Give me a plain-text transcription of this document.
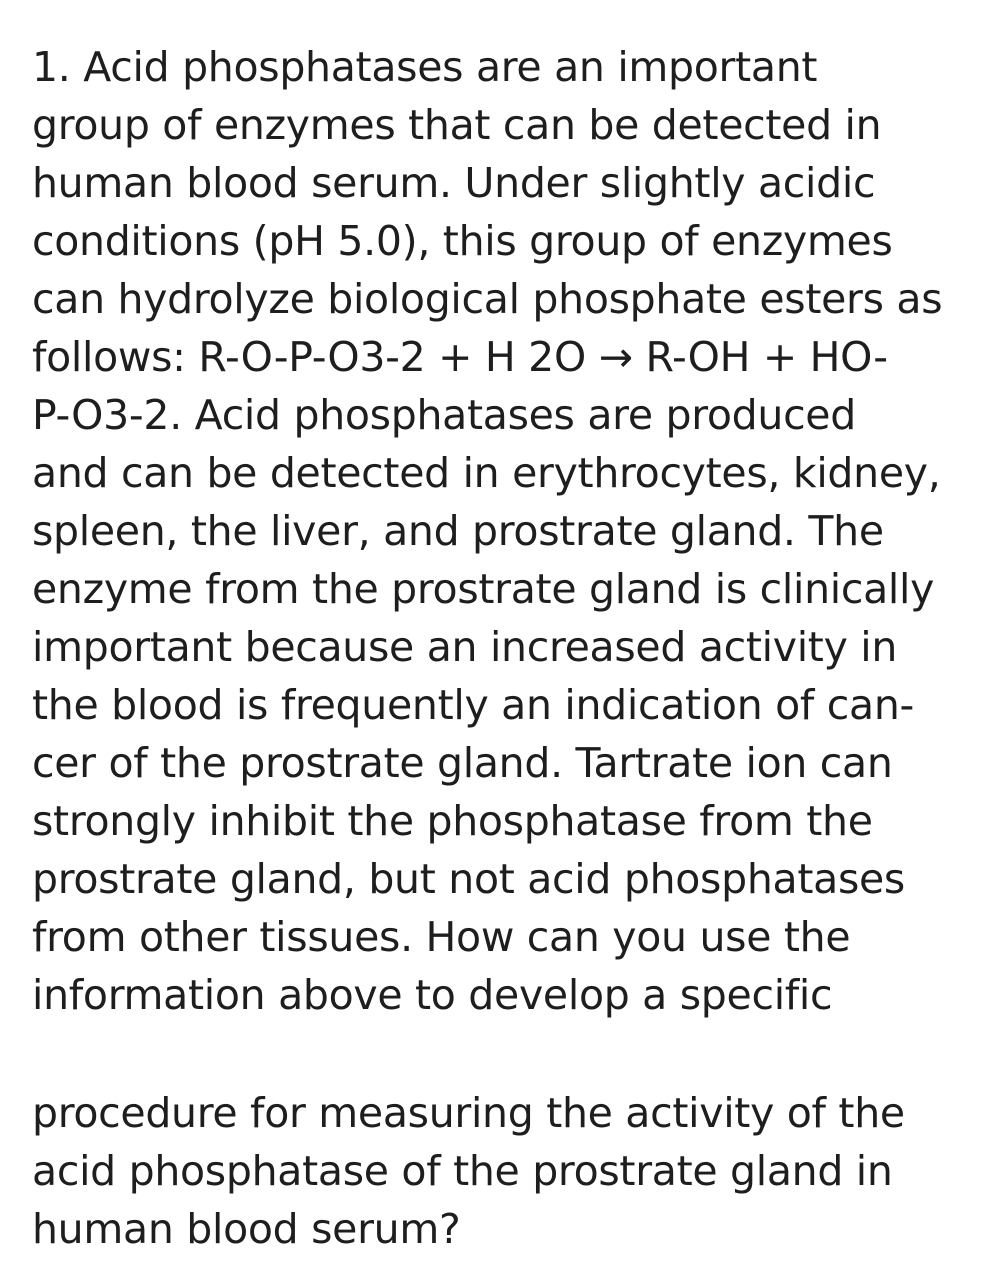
1. Acid phosphatases are an important
group of enzymes that can be detected in
human blood serum. Under slightly acidic
conditions (pH 5.0), this group of enzymes
can hydrolyze biological phosphate esters as
follows: R-O-P-O3-2 + H 2O → R-OH + HO-
P-O3-2. Acid phosphatases are produced
and can be detected in erythrocytes, kidney,
spleen, the liver, and prostrate gland. The
enzyme from the prostrate gland is clinically
important because an increased activity in
the blood is frequently an indication of can-
cer of the prostrate gland. Tartrate ion can
strongly inhibit the phosphatase from the
prostrate gland, but not acid phosphatases
from other tissues. How can you use the
information above to develop a specific
procedure for measuring the activity of the
acid phosphatase of the prostrate gland in
human blood serum?
